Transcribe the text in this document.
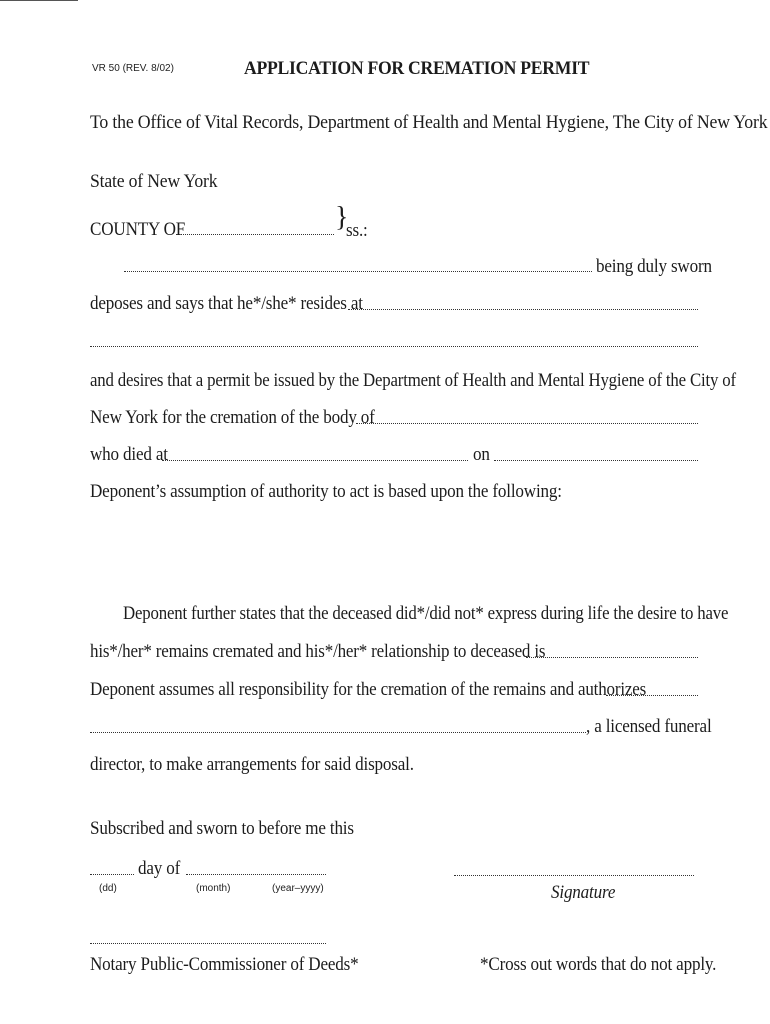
VR 50 (REV. 8/02)	APPLICATION FOR CREMATION PERMIT
To the Office of Vital Records, Department of Health and Mental Hygiene, The City of New York
State of New York
COUNTY OF	}
ss.:
being duly sworn
deposes and says that he*/she* resides at
and desires that a permit be issued by the Department of Health and Mental Hygiene of the City of
New York for the cremation of the body of
who died at	on
Deponent’s assumption of authority to act is based upon the following:
Deponent further states that the deceased did*/did not* express during life the desire to have
his*/her* remains cremated and his*/her* relationship to deceased is
Deponent assumes all responsibility for the cremation of the remains and authorizes
, a licensed funeral
director, to make arrangements for said disposal.
Subscribed and sworn to before me this
day of
(dd)	(month)	(year–yyyy)	Signature
Notary Public-Commissioner of Deeds*	*Cross out words that do not apply.
